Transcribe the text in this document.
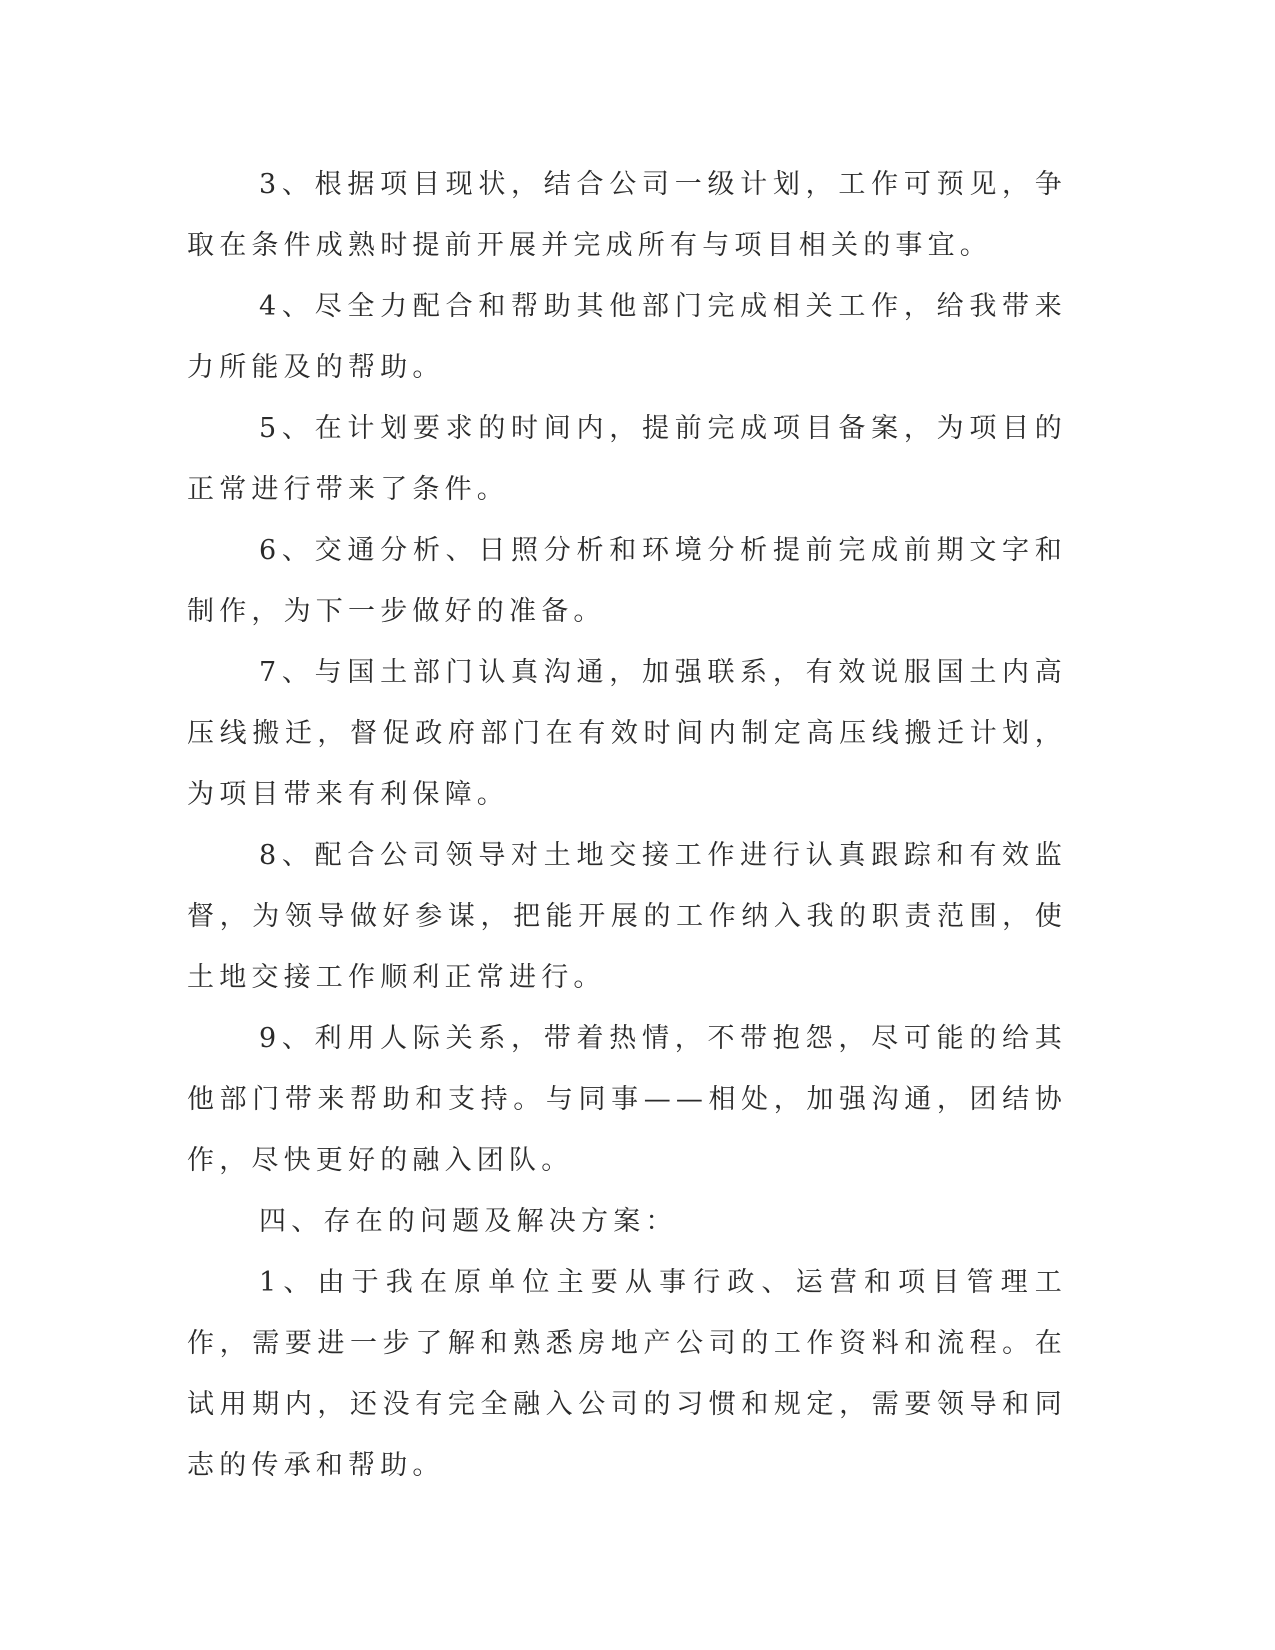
3、根据项目现状，结合公司一级计划，工作可预见，争取在条件成熟时提前开展并完成所有与项目相关的事宜。

4、尽全力配合和帮助其他部门完成相关工作，给我带来力所能及的帮助。

5、在计划要求的时间内，提前完成项目备案，为项目的正常进行带来了条件。

6、交通分析、日照分析和环境分析提前完成前期文字和制作，为下一步做好的准备。

7、与国土部门认真沟通，加强联系，有效说服国土内高压线搬迁，督促政府部门在有效时间内制定高压线搬迁计划，为项目带来有利保障。

8、配合公司领导对土地交接工作进行认真跟踪和有效监督，为领导做好参谋，把能开展的工作纳入我的职责范围，使土地交接工作顺利正常进行。

9、利用人际关系，带着热情，不带抱怨，尽可能的给其他部门带来帮助和支持。与同事——相处，加强沟通，团结协作，尽快更好的融入团队。

四、存在的问题及解决方案：

1、由于我在原单位主要从事行政、运营和项目管理工作，需要进一步了解和熟悉房地产公司的工作资料和流程。在试用期内，还没有完全融入公司的习惯和规定，需要领导和同志的传承和帮助。
